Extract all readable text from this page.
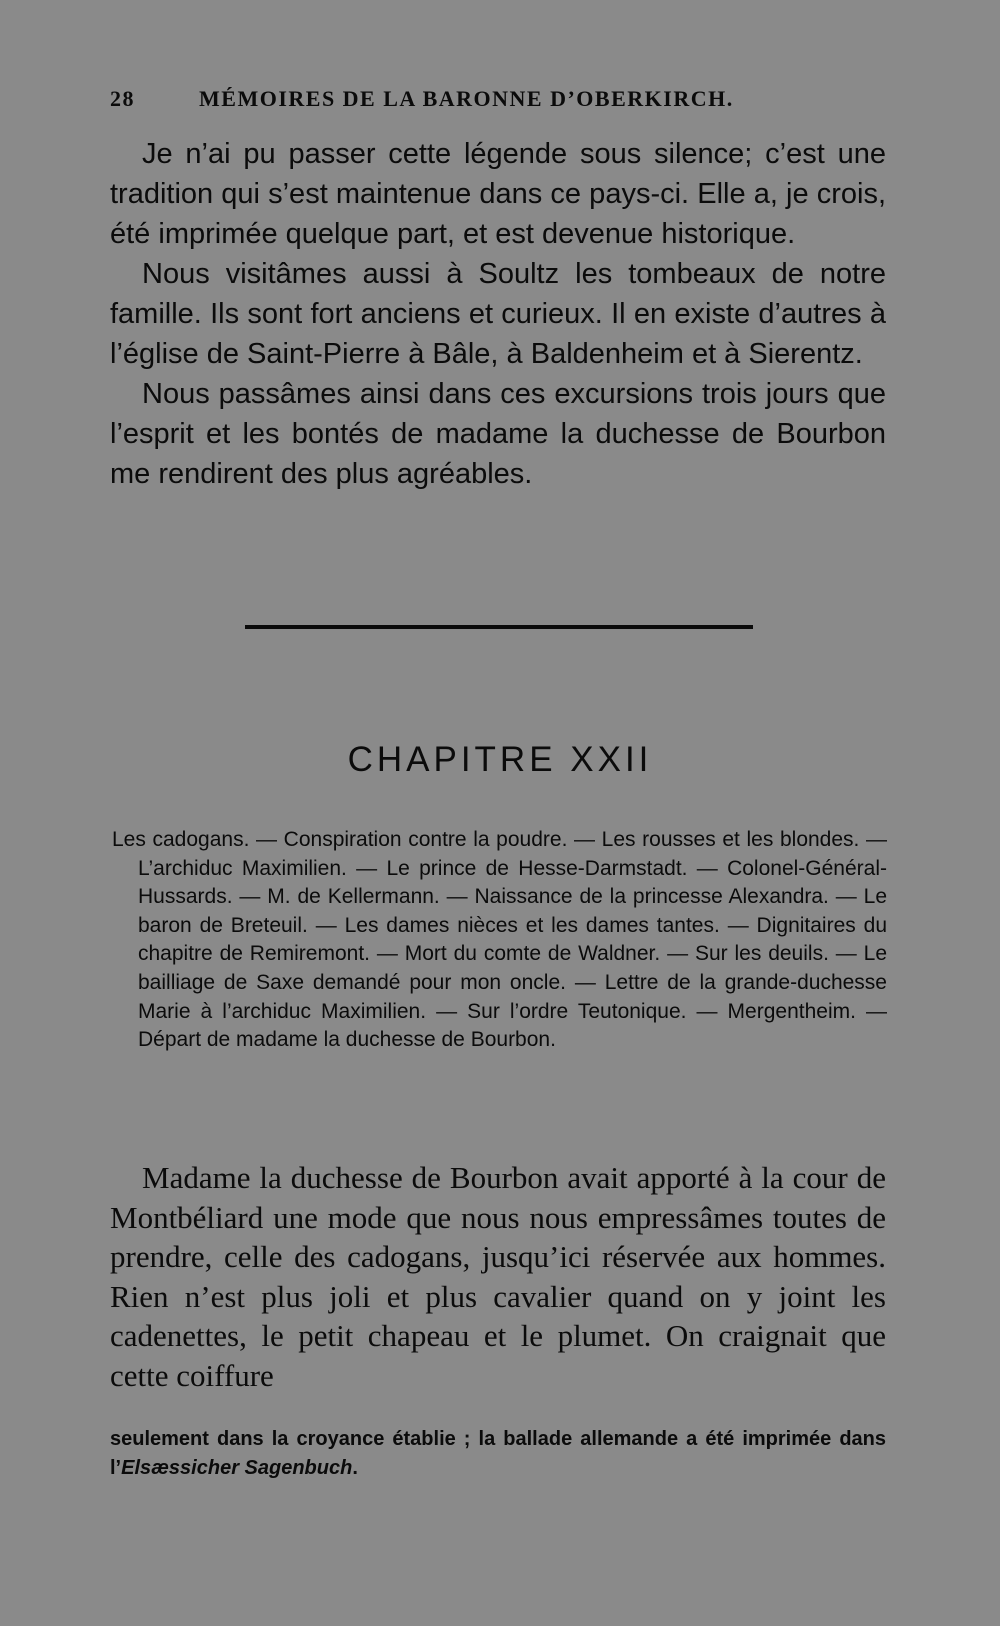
28	MÉMOIRES DE LA BARONNE D’OBERKIRCH.

Je n’ai pu passer cette légende sous silence; c’est une tradition qui s’est maintenue dans ce pays-ci. Elle a, je crois, été imprimée quelque part, et est devenue historique.

Nous visitâmes aussi à Soultz les tombeaux de notre famille. Ils sont fort anciens et curieux. Il en existe d’autres à l’église de Saint-Pierre à Bâle, à Baldenheim et à Sierentz.

Nous passâmes ainsi dans ces excursions trois jours que l’esprit et les bontés de madame la duchesse de Bourbon me rendirent des plus agréables.

CHAPITRE XXII

Les cadogans. — Conspiration contre la poudre. — Les rousses et les blondes. — L’archiduc Maximilien. — Le prince de Hesse-Darmstadt. — Colonel-Général-Hussards. — M. de Kellermann. — Naissance de la princesse Alexandra. — Le baron de Breteuil. — Les dames nièces et les dames tantes. — Dignitaires du chapitre de Remiremont. — Mort du comte de Waldner. — Sur les deuils. — Le bailliage de Saxe demandé pour mon oncle. — Lettre de la grande-duchesse Marie à l’archiduc Maximilien. — Sur l’ordre Teutonique. — Mergentheim. — Départ de madame la duchesse de Bourbon.

Madame la duchesse de Bourbon avait apporté à la cour de Montbéliard une mode que nous nous empressâmes toutes de prendre, celle des cadogans, jusqu’ici réservée aux hommes. Rien n’est plus joli et plus cavalier quand on y joint les cadenettes, le petit chapeau et le plumet. On craignait que cette coiffure

seulement dans la croyance établie ; la ballade allemande a été imprimée dans l’Elsæssicher Sagenbuch.
